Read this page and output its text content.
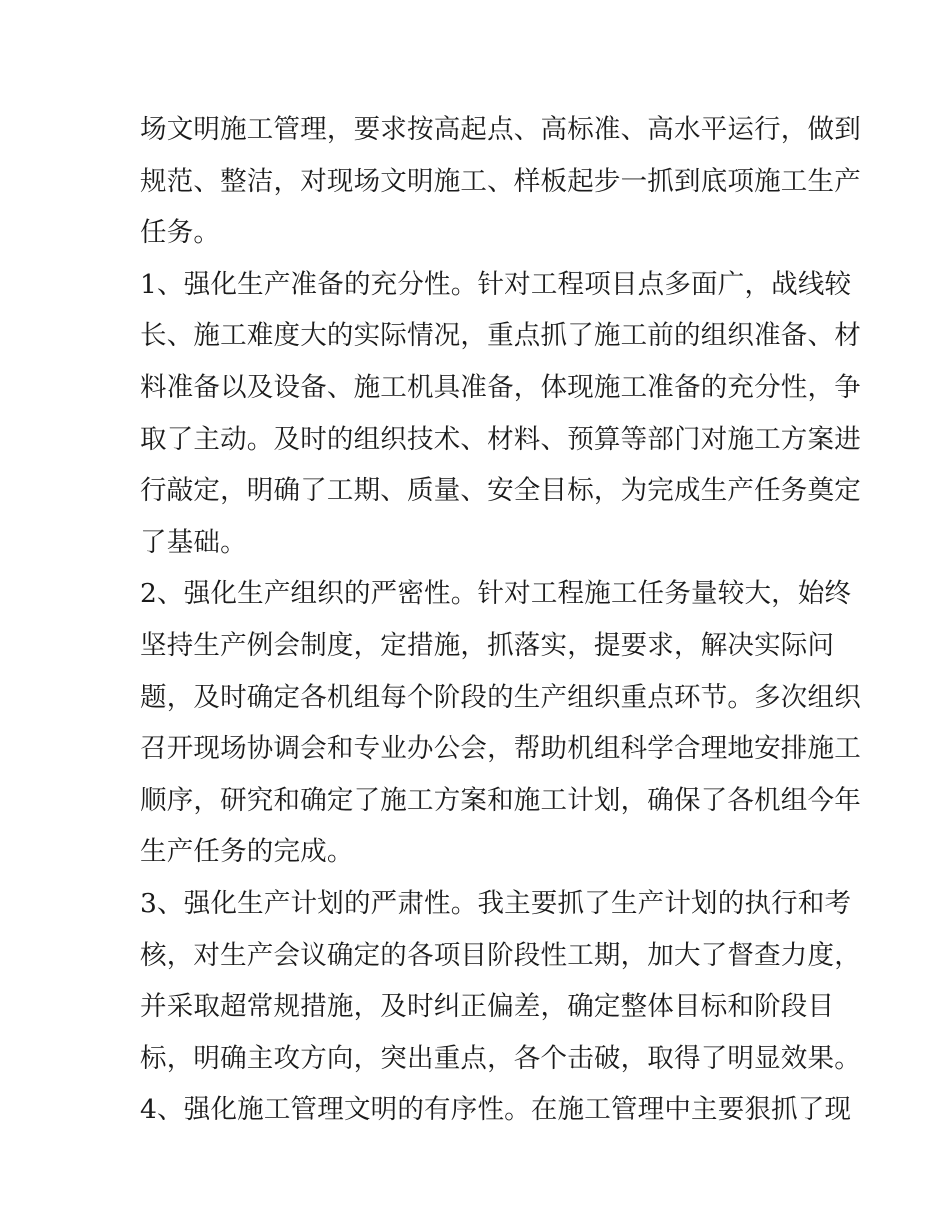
场文明施工管理，要求按高起点、高标准、高水平运行，做到
规范、整洁，对现场文明施工、样板起步一抓到底项施工生产
任务。
1、强化生产准备的充分性。针对工程项目点多面广，战线较
长、施工难度大的实际情况，重点抓了施工前的组织准备、材
料准备以及设备、施工机具准备，体现施工准备的充分性，争
取了主动。及时的组织技术、材料、预算等部门对施工方案进
行敲定，明确了工期、质量、安全目标，为完成生产任务奠定
了基础。
2、强化生产组织的严密性。针对工程施工任务量较大，始终
坚持生产例会制度，定措施，抓落实，提要求，解决实际问
题，及时确定各机组每个阶段的生产组织重点环节。多次组织
召开现场协调会和专业办公会，帮助机组科学合理地安排施工
顺序，研究和确定了施工方案和施工计划，确保了各机组今年
生产任务的完成。
3、强化生产计划的严肃性。我主要抓了生产计划的执行和考
核，对生产会议确定的各项目阶段性工期，加大了督查力度，
并采取超常规措施，及时纠正偏差，确定整体目标和阶段目
标，明确主攻方向，突出重点，各个击破，取得了明显效果。
4、强化施工管理文明的有序性。在施工管理中主要狠抓了现
